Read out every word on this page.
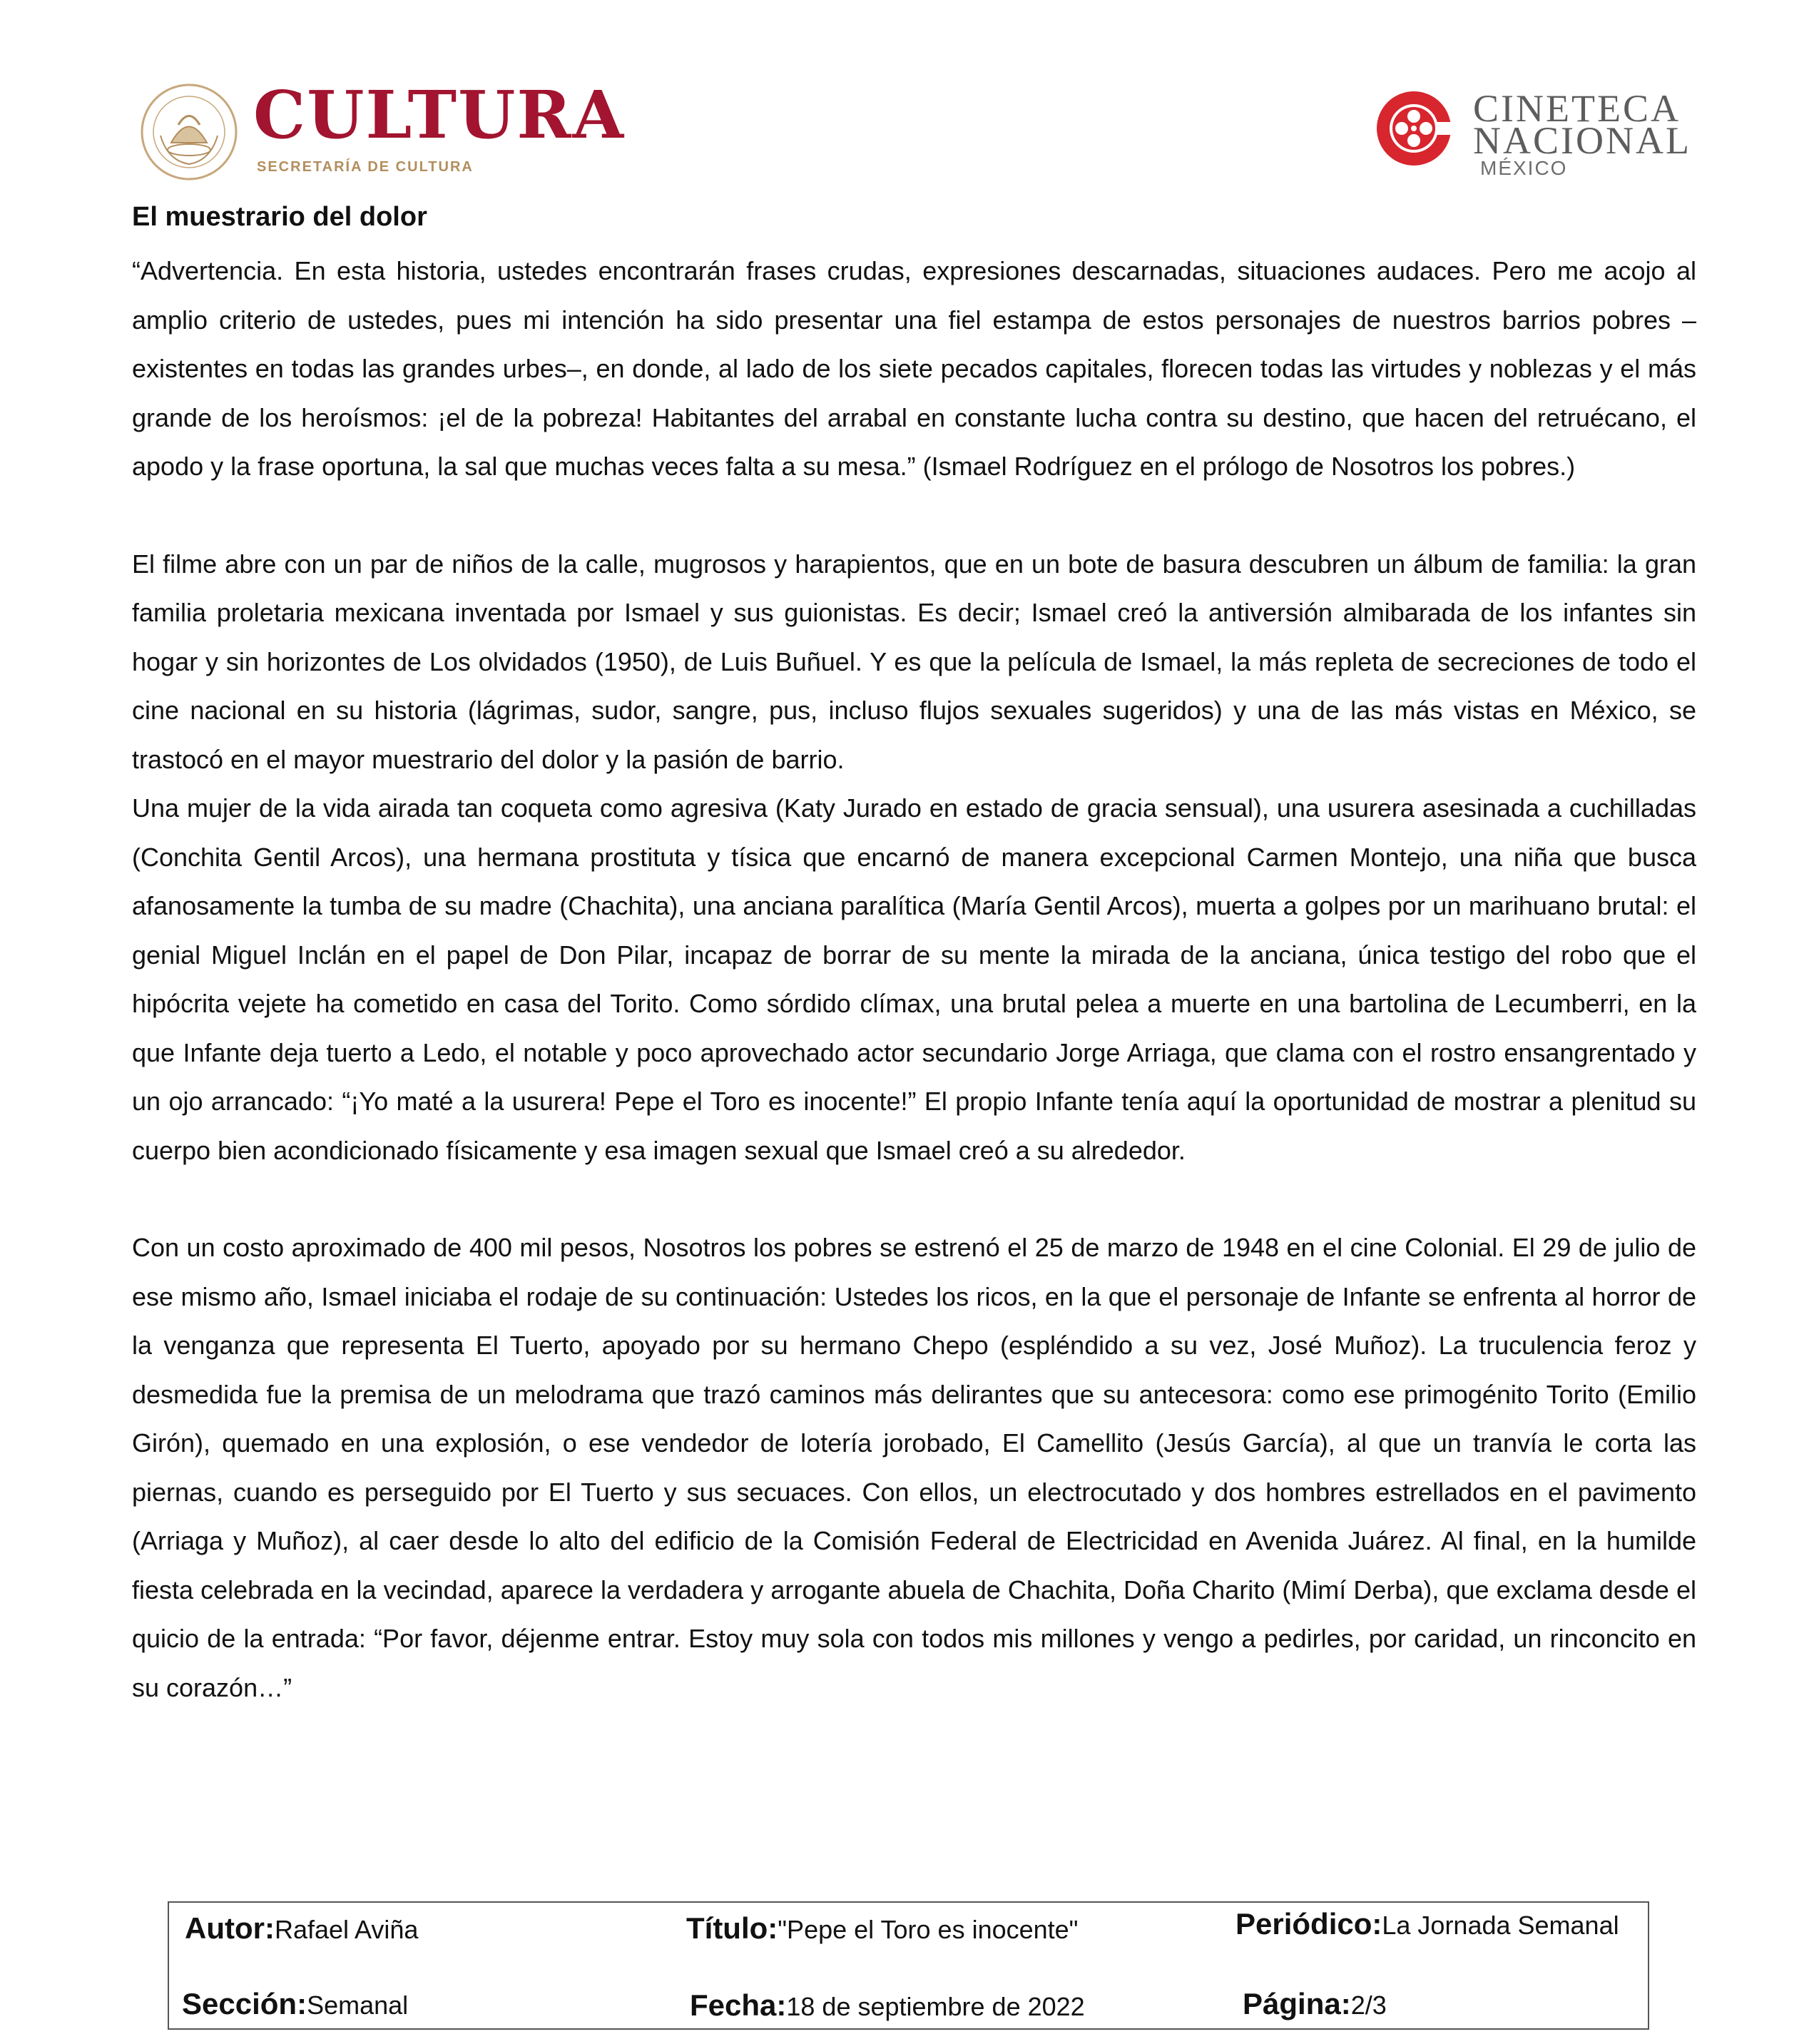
CULTURA
SECRETARÍA DE CULTURA
CINETECA
NACIONAL
MÉXICO
El muestrario del dolor

“Advertencia. En esta historia, ustedes encontrarán frases crudas, expresiones descarnadas, situaciones audaces. Pero me acojo al amplio criterio de ustedes, pues mi intención ha sido presentar una fiel estampa de estos personajes de nuestros barrios pobres –existentes en todas las grandes urbes–, en donde, al lado de los siete pecados capitales, florecen todas las virtudes y noblezas y el más grande de los heroísmos: ¡el de la pobreza! Habitantes del arrabal en constante lucha contra su destino, que hacen del retruécano, el apodo y la frase oportuna, la sal que muchas veces falta a su mesa.” (Ismael Rodríguez en el prólogo de Nosotros los pobres.)

El filme abre con un par de niños de la calle, mugrosos y harapientos, que en un bote de basura descubren un álbum de familia: la gran familia proletaria mexicana inventada por Ismael y sus guionistas. Es decir; Ismael creó la antiversión almibarada de los infantes sin hogar y sin horizontes de Los olvidados (1950), de Luis Buñuel. Y es que la película de Ismael, la más repleta de secreciones de todo el cine nacional en su historia (lágrimas, sudor, sangre, pus, incluso flujos sexuales sugeridos) y una de las más vistas en México, se trastocó en el mayor muestrario del dolor y la pasión de barrio.

Una mujer de la vida airada tan coqueta como agresiva (Katy Jurado en estado de gracia sensual), una usurera asesinada a cuchilladas (Conchita Gentil Arcos), una hermana prostituta y tísica que encarnó de manera excepcional Carmen Montejo, una niña que busca afanosamente la tumba de su madre (Chachita), una anciana paralítica (María Gentil Arcos), muerta a golpes por un marihuano brutal: el genial Miguel Inclán en el papel de Don Pilar, incapaz de borrar de su mente la mirada de la anciana, única testigo del robo que el hipócrita vejete ha cometido en casa del Torito. Como sórdido clímax, una brutal pelea a muerte en una bartolina de Lecumberri, en la que Infante deja tuerto a Ledo, el notable y poco aprovechado actor secundario Jorge Arriaga, que clama con el rostro ensangrentado y un ojo arrancado: “¡Yo maté a la usurera! Pepe el Toro es inocente!” El propio Infante tenía aquí la oportunidad de mostrar a plenitud su cuerpo bien acondicionado físicamente y esa imagen sexual que Ismael creó a su alrededor.

Con un costo aproximado de 400 mil pesos, Nosotros los pobres se estrenó el 25 de marzo de 1948 en el cine Colonial. El 29 de julio de ese mismo año, Ismael iniciaba el rodaje de su continuación: Ustedes los ricos, en la que el personaje de Infante se enfrenta al horror de la venganza que representa El Tuerto, apoyado por su hermano Chepo (espléndido a su vez, José Muñoz). La truculencia feroz y desmedida fue la premisa de un melodrama que trazó caminos más delirantes que su antecesora: como ese primogénito Torito (Emilio Girón), quemado en una explosión, o ese vendedor de lotería jorobado, El Camellito (Jesús García), al que un tranvía le corta las piernas, cuando es perseguido por El Tuerto y sus secuaces. Con ellos, un electrocutado y dos hombres estrellados en el pavimento (Arriaga y Muñoz), al caer desde lo alto del edificio de la Comisión Federal de Electricidad en Avenida Juárez. Al final, en la humilde fiesta celebrada en la vecindad, aparece la verdadera y arrogante abuela de Chachita, Doña Charito (Mimí Derba), que exclama desde el quicio de la entrada: “Por favor, déjenme entrar. Estoy muy sola con todos mis millones y vengo a pedirles, por caridad, un rinconcito en su corazón…”

Autor:Rafael Aviña	Título:"Pepe el Toro es inocente"	Periódico:La Jornada Semanal
Sección:Semanal	Fecha:18 de septiembre de 2022	Página:2/3
